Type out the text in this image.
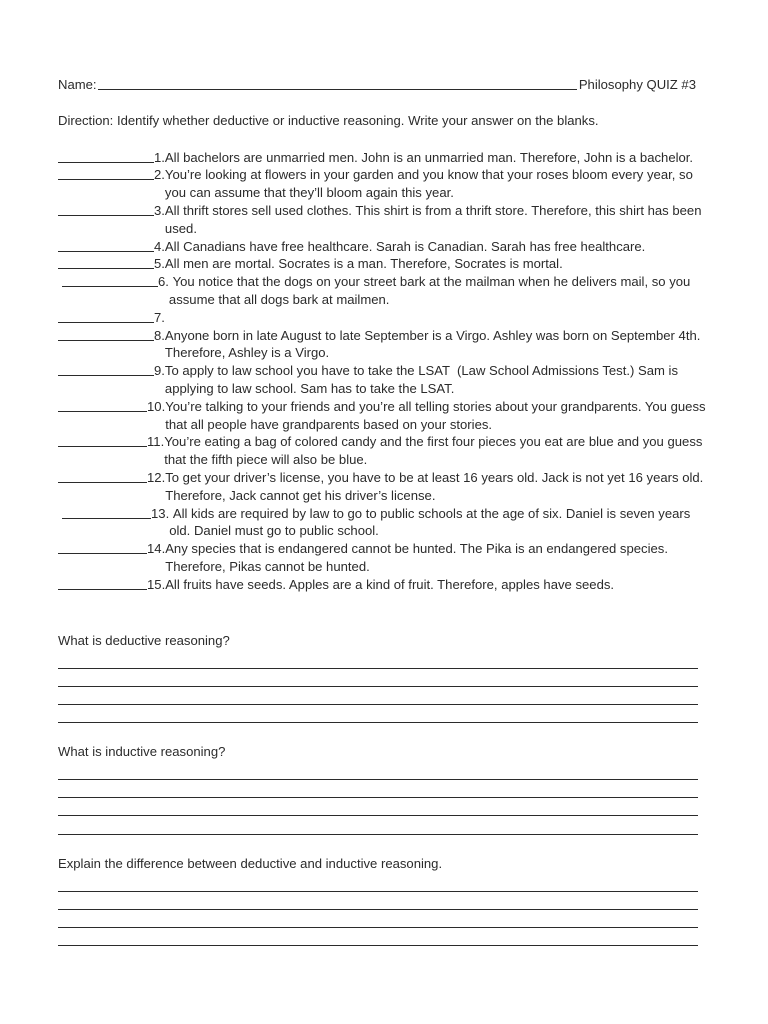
Name:	Philosophy QUIZ #3
Direction: Identify whether deductive or inductive reasoning. Write your answer on the blanks.
1. All bachelors are unmarried men. John is an unmarried man. Therefore, John is a bachelor.
2. You’re looking at flowers in your garden and you know that your roses bloom every year, so you can assume that they’ll bloom again this year.
3. All thrift stores sell used clothes. This shirt is from a thrift store. Therefore, this shirt has been used.
4. All Canadians have free healthcare. Sarah is Canadian. Sarah has free healthcare.
5. All men are mortal. Socrates is a man. Therefore, Socrates is mortal.
6. You notice that the dogs on your street bark at the mailman when he delivers mail, so you assume that all dogs bark at mailmen.
7.
8. Anyone born in late August to late September is a Virgo. Ashley was born on September 4th. Therefore, Ashley is a Virgo.
9. To apply to law school you have to take the LSAT  (Law School Admissions Test.) Sam is applying to law school. Sam has to take the LSAT.
10. You’re talking to your friends and you’re all telling stories about your grandparents. You guess that all people have grandparents based on your stories.
11. You’re eating a bag of colored candy and the first four pieces you eat are blue and you guess that the fifth piece will also be blue.
12. To get your driver’s license, you have to be at least 16 years old. Jack is not yet 16 years old. Therefore, Jack cannot get his driver’s license.
13. All kids are required by law to go to public schools at the age of six. Daniel is seven years old. Daniel must go to public school.
14. Any species that is endangered cannot be hunted. The Pika is an endangered species. Therefore, Pikas cannot be hunted.
15. All fruits have seeds. Apples are a kind of fruit. Therefore, apples have seeds.
What is deductive reasoning?
What is inductive reasoning?
Explain the difference between deductive and inductive reasoning.
